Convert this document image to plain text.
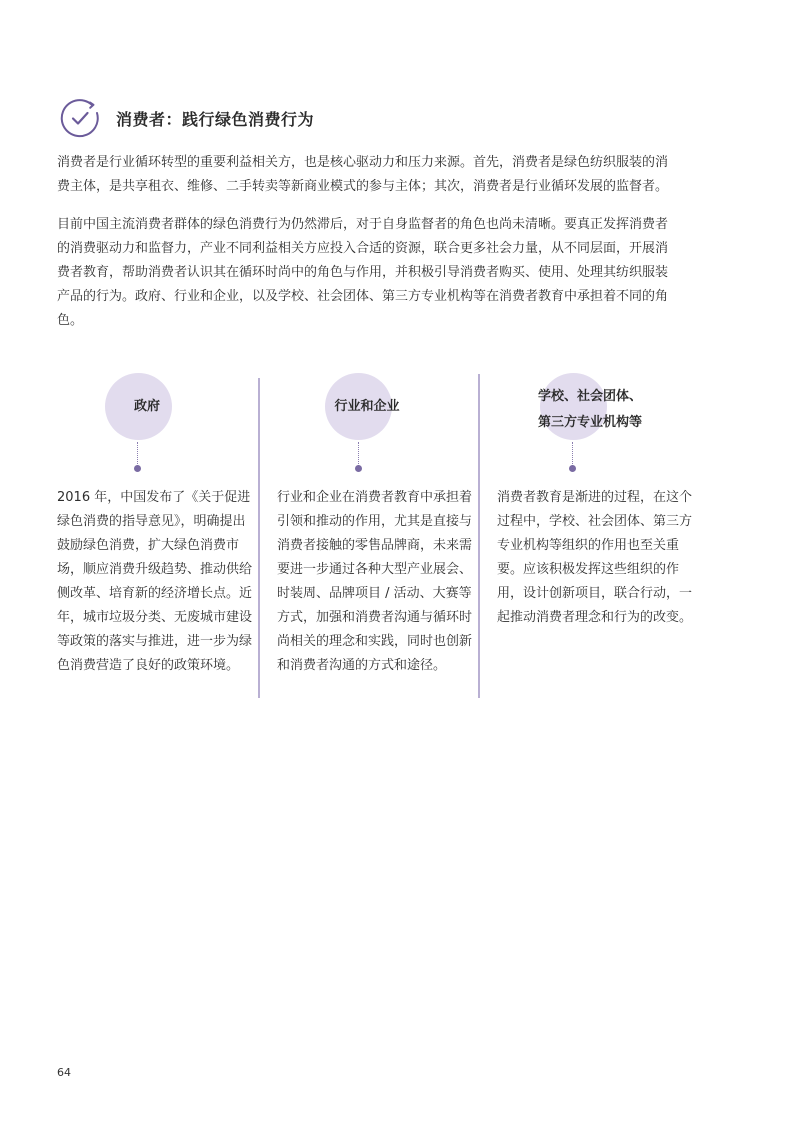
消费者：践行绿色消费行为

消费者是行业循环转型的重要利益相关方，也是核心驱动力和压力来源。首先，消费者是绿色纺织服装的消费主体，是共享租衣、维修、二手转卖等新商业模式的参与主体；其次，消费者是行业循环发展的监督者。

目前中国主流消费者群体的绿色消费行为仍然滞后，对于自身监督者的角色也尚未清晰。要真正发挥消费者的消费驱动力和监督力，产业不同利益相关方应投入合适的资源，联合更多社会力量，从不同层面，开展消费者教育，帮助消费者认识其在循环时尚中的角色与作用，并积极引导消费者购买、使用、处理其纺织服装产品的行为。政府、行业和企业，以及学校、社会团体、第三方专业机构等在消费者教育中承担着不同的角色。

政府

2016 年，中国发布了《关于促进绿色消费的指导意见》，明确提出鼓励绿色消费，扩大绿色消费市场，顺应消费升级趋势、推动供给侧改革、培育新的经济增长点。近年，城市垃圾分类、无废城市建设等政策的落实与推进，进一步为绿色消费营造了良好的政策环境。

行业和企业

行业和企业在消费者教育中承担着引领和推动的作用，尤其是直接与消费者接触的零售品牌商，未来需要进一步通过各种大型产业展会、时装周、品牌项目 / 活动、大赛等方式，加强和消费者沟通与循环时尚相关的理念和实践，同时也创新和消费者沟通的方式和途径。

学校、社会团体、
第三方专业机构等

消费者教育是渐进的过程，在这个过程中，学校、社会团体、第三方专业机构等组织的作用也至关重要。应该积极发挥这些组织的作用，设计创新项目，联合行动，一起推动消费者理念和行为的改变。

64
